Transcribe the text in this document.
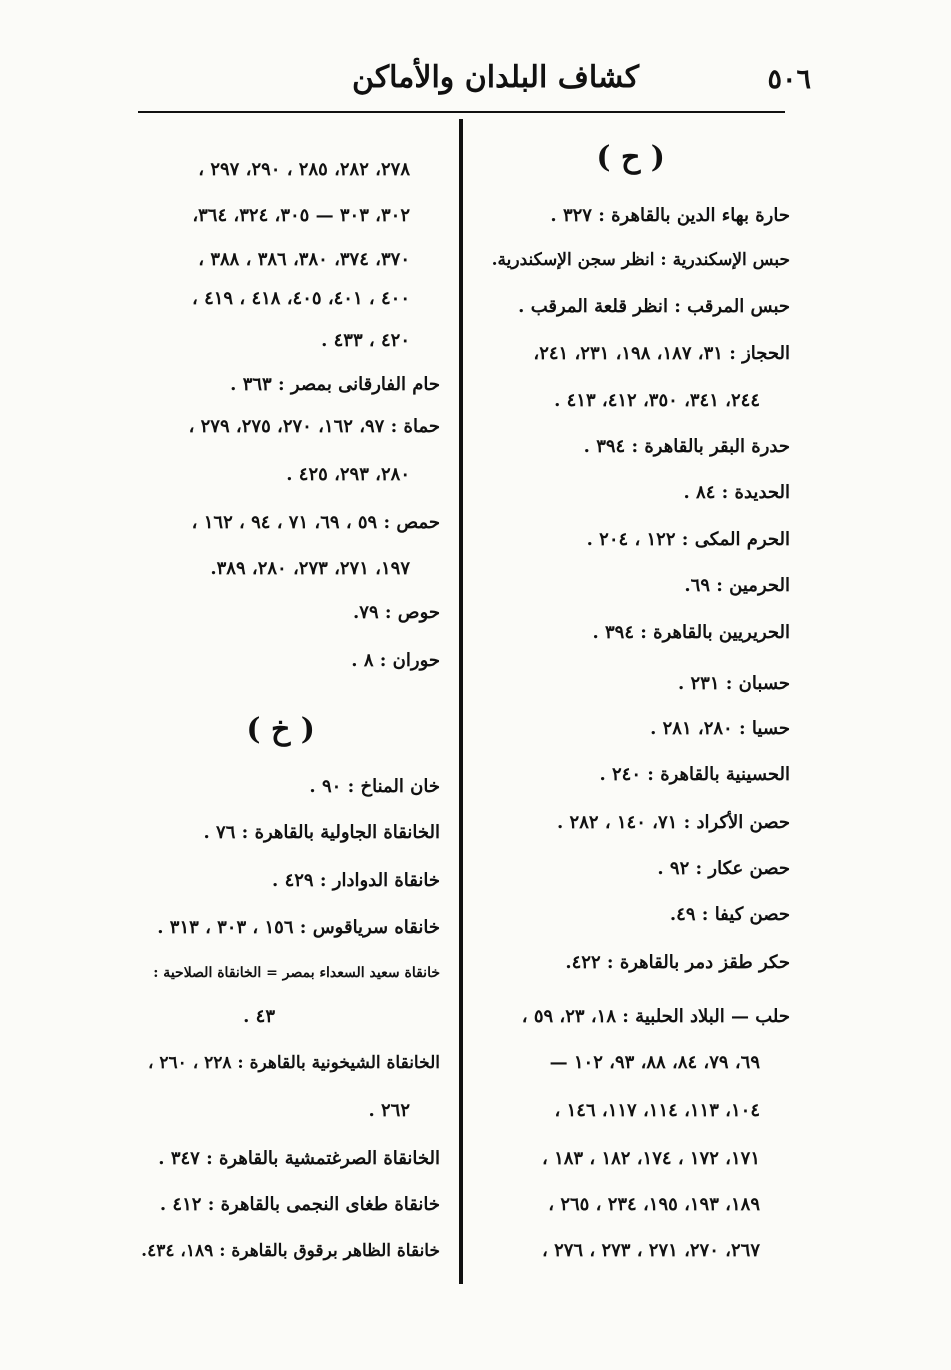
٥٠٦
كشاف البلدان والأماكن
( ح )
حارة بهاء الدين بالقاهرة : ٣٢٧ .
حبس الإسكندرية : انظر سجن الإسكندرية.
حبس المرقب : انظر قلعة المرقب .
الحجاز : ٣١، ١٨٧، ١٩٨، ٢٣١، ٢٤١،
٢٤٤، ٣٤١، ٣٥٠، ٤١٢، ٤١٣ .
حدرة البقر بالقاهرة : ٣٩٤ .
الحديدة : ٨٤ .
الحرم المكى : ١٢٢ ، ٢٠٤ .
الحرمين : ٦٩.
الحريريين بالقاهرة : ٣٩٤ .
حسبان : ٢٣١ .
حسيا : ٢٨٠، ٢٨١ .
الحسينية بالقاهرة : ٢٤٠ .
حصن الأكراد : ٧١، ١٤٠ ، ٢٨٢ .
حصن عكار : ٩٢ .
حصن كيفا : ٤٩.
حكر طقز دمر بالقاهرة : ٤٢٢.
حلب — البلاد الحلبية : ١٨، ٢٣، ٥٩ ،
٦٩، ٧٩، ٨٤، ٨٨، ٩٣، ١٠٢ —
١٠٤، ١١٣، ١١٤، ١١٧، ١٤٦ ،
١٧١، ١٧٢ ، ١٧٤، ١٨٢ ، ١٨٣ ،
١٨٩، ١٩٣، ١٩٥، ٢٣٤ ، ٢٦٥ ،
٢٦٧، ٢٧٠، ٢٧١ ، ٢٧٣ ، ٢٧٦ ،
٢٧٨، ٢٨٢، ٢٨٥ ، ٢٩٠، ٢٩٧ ،
٣٠٢، ٣٠٣ — ٣٠٥، ٣٢٤، ٣٦٤،
٣٧٠، ٣٧٤، ٣٨٠، ٣٨٦ ، ٣٨٨ ،
٤٠٠ ، ٤٠١، ٤٠٥، ٤١٨ ، ٤١٩ ،
٤٢٠ ، ٤٣٣ .
حام الفارقانى بمصر : ٣٦٣ .
حماة : ٩٧، ١٦٢، ٢٧٠، ٢٧٥، ٢٧٩ ،
٢٨٠، ٢٩٣، ٤٢٥ .
حمص : ٥٩ ، ٦٩، ٧١ ، ٩٤ ، ١٦٢ ،
١٩٧، ٢٧١، ٢٧٣، ٢٨٠، ٣٨٩.
حوص : ٧٩.
حوران : ٨ .
( خ )
خان المناخ : ٩٠ .
الخانقاة الجاولية بالقاهرة : ٧٦ .
خانقاة الدوادار : ٤٢٩ .
خانقاه سرياقوس : ١٥٦ ، ٣٠٣ ، ٣١٣ .
خانقاة سعيد السعداء بمصر = الخانقاة الصلاحية :
٤٣ .
الخانقاة الشيخونية بالقاهرة : ٢٢٨ ، ٢٦٠ ،
٢٦٢ .
الخانقاة الصرغتمشية بالقاهرة : ٣٤٧ .
خانقاة طغاى النجمى بالقاهرة : ٤١٢ .
خانقاة الظاهر برقوق بالقاهرة : ١٨٩، ٤٣٤.
